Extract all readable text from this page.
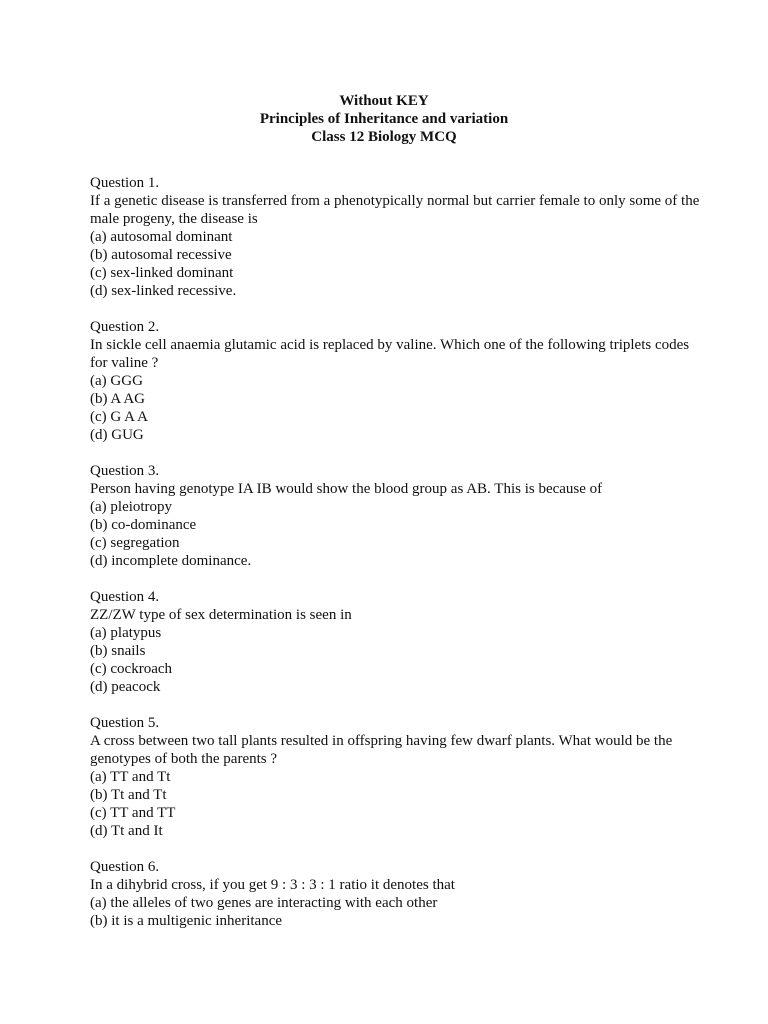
Without KEY
Principles of Inheritance and variation
Class 12 Biology MCQ
Question 1.
If a genetic disease is transferred from a phenotypically normal but carrier female to only some of the male progeny, the disease is
(a) autosomal dominant
(b) autosomal recessive
(c) sex-linked dominant
(d) sex-linked recessive.
Question 2.
In sickle cell anaemia glutamic acid is replaced by valine. Which one of the following triplets codes for valine ?
(a) GGG
(b) A AG
(c) G A A
(d) GUG
Question 3.
Person having genotype IA IB would show the blood group as AB. This is because of
(a) pleiotropy
(b) co-dominance
(c) segregation
(d) incomplete dominance.
Question 4.
ZZ/ZW type of sex determination is seen in
(a) platypus
(b) snails
(c) cockroach
(d) peacock
Question 5.
A cross between two tall plants resulted in offspring having few dwarf plants. What would be the genotypes of both the parents ?
(a) TT and Tt
(b) Tt and Tt
(c) TT and TT
(d) Tt and It
Question 6.
In a dihybrid cross, if you get 9 : 3 : 3 : 1 ratio it denotes that
(a) the alleles of two genes are interacting with each other
(b) it is a multigenic inheritance
